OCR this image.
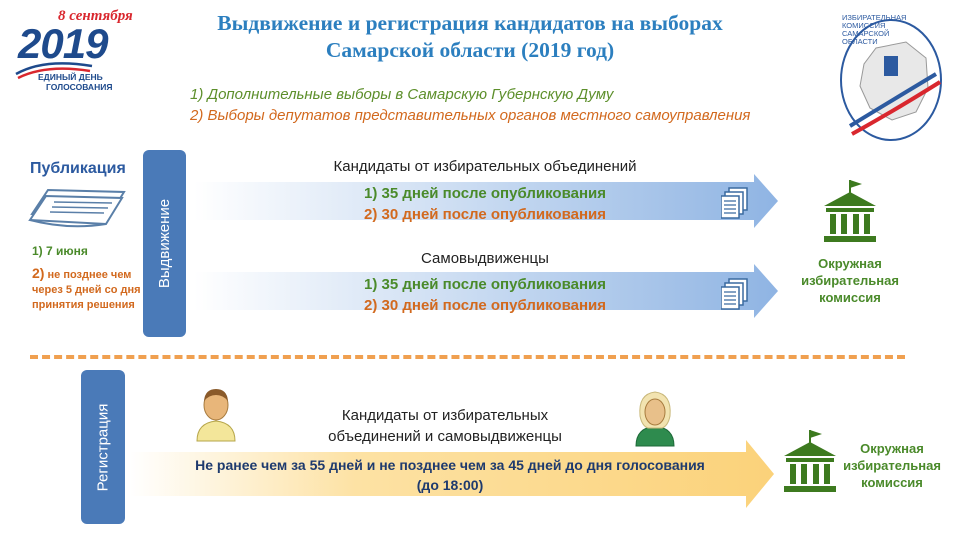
8 сентября
2019
ЕДИНЫЙ ДЕНЬ
ГОЛОСОВАНИЯ
Выдвижение и регистрация кандидатов на выборах
Самарской области (2019 год)
1) Дополнительные выборы в Самарскую Губернскую Думу
2) Выборы депутатов представительных органов местного самоуправления
ИЗБИРАТЕЛЬНАЯ
КОМИССИЯ
САМАРСКОЙ
ОБЛАСТИ
Публикация
1) 7 июня
2) не позднее чем через 5 дней со дня принятия решения
Выдвижение
Кандидаты от избирательных объединений
1) 35 дней после опубликования
2) 30 дней после опубликования
Самовыдвиженцы
1) 35 дней после опубликования
2) 30 дней после опубликования
Окружная
избирательная
комиссия
Регистрация	Кандидаты от избирательных
объединений и самовыдвиженцы
Не ранее чем за 55 дней и не позднее чем за 45 дней до дня голосования
(до 18:00)
Окружная
избирательная
комиссия
